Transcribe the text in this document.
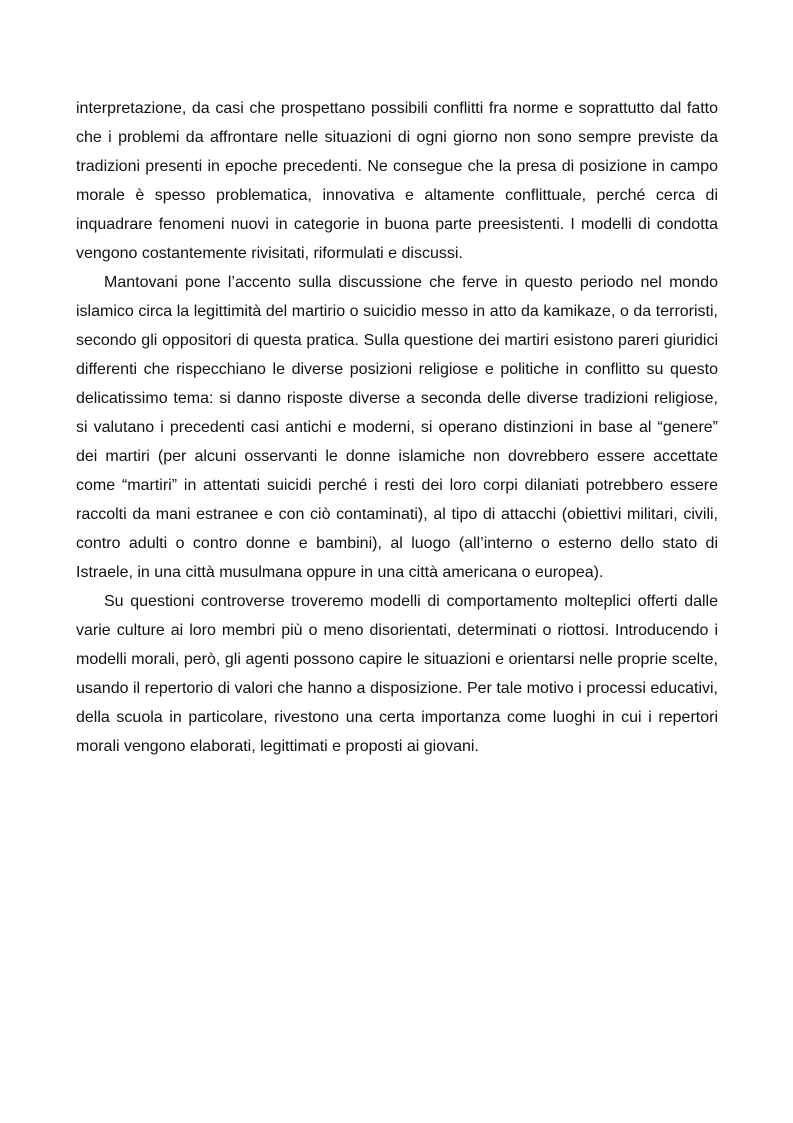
interpretazione, da casi che prospettano possibili conflitti fra norme e soprattutto dal fatto che i problemi da affrontare nelle situazioni di ogni giorno non sono sempre previste da tradizioni presenti in epoche precedenti. Ne consegue che la presa di posizione in campo morale è spesso problematica, innovativa e altamente conflittuale, perché cerca di inquadrare fenomeni nuovi in categorie in buona parte preesistenti. I modelli di condotta vengono costantemente rivisitati, riformulati e discussi.

Mantovani pone l’accento sulla discussione che ferve in questo periodo nel mondo islamico circa la legittimità del martirio o suicidio messo in atto da kamikaze, o da terroristi, secondo gli oppositori di questa pratica. Sulla questione dei martiri esistono pareri giuridici differenti che rispecchiano le diverse posizioni religiose e politiche in conflitto su questo delicatissimo tema: si danno risposte diverse a seconda delle diverse tradizioni religiose, si valutano i precedenti casi antichi e moderni, si operano distinzioni in base al “genere” dei martiri (per alcuni osservanti le donne islamiche non dovrebbero essere accettate come “martiri” in attentati suicidi perché i resti dei loro corpi dilaniati potrebbero essere raccolti da mani estranee e con ciò contaminati), al tipo di attacchi (obiettivi militari, civili, contro adulti o contro donne e bambini), al luogo (all’interno o esterno dello stato di Istraele, in una città musulmana oppure in una città americana o europea).

Su questioni controverse troveremo modelli di comportamento molteplici offerti dalle varie culture ai loro membri più o meno disorientati, determinati o riottosi. Introducendo i modelli morali, però, gli agenti possono capire le situazioni e orientarsi nelle proprie scelte, usando il repertorio di valori che hanno a disposizione. Per tale motivo i processi educativi, della scuola in particolare, rivestono una certa importanza come luoghi in cui i repertori morali vengono elaborati, legittimati e proposti ai giovani.
